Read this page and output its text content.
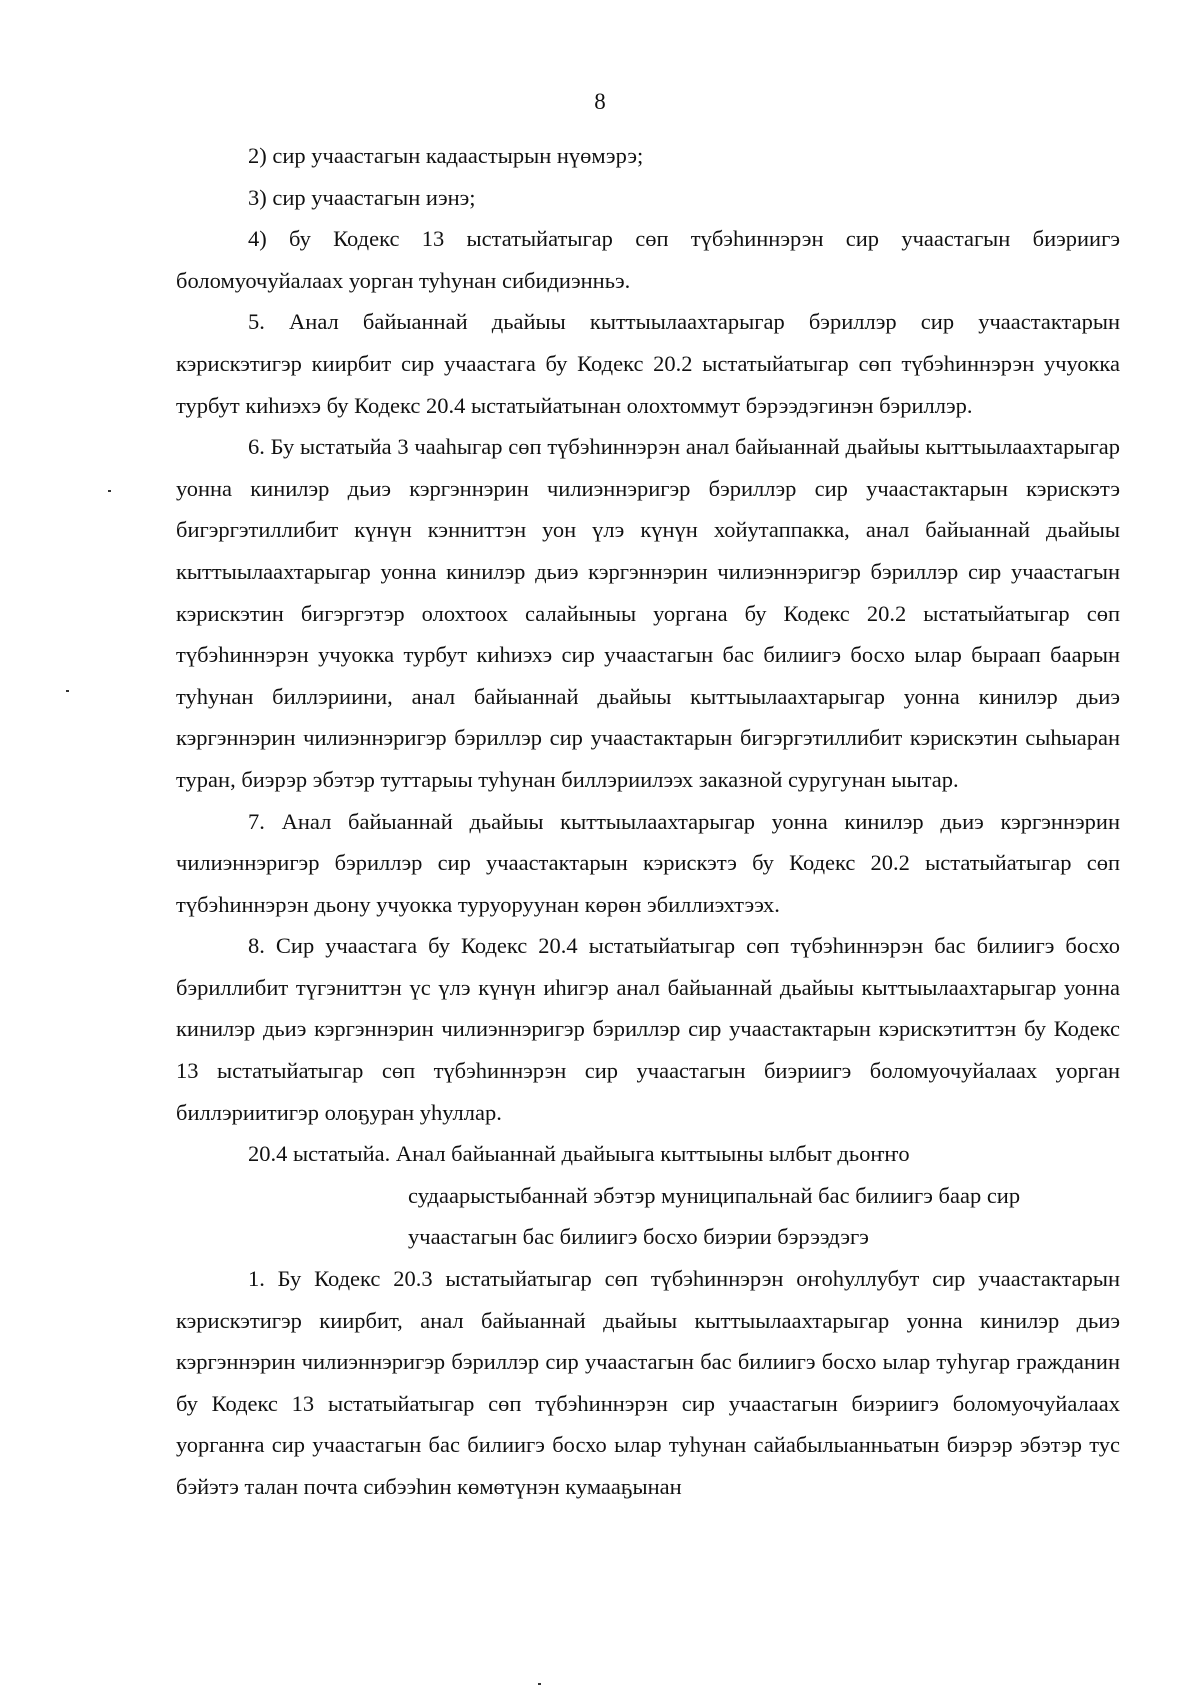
8

2) сир учаастагын кадаастырын нүөмэрэ;

3) сир учаастагын иэнэ;

4) бу Кодекс 13 ыстатыйатыгар сөп түбэһиннэрэн сир учаастагын биэриигэ боломуочуйалаах уорган туһунан сибидиэнньэ.

5. Анал байыаннай дьайыы кыттыылаахтарыгар бэриллэр сир учаастактарын кэрискэтигэр киирбит сир учаастага бу Кодекс 20.2 ыстатыйатыгар сөп түбэһиннэрэн учуокка турбут киһиэхэ бу Кодекс 20.4 ыстатыйатынан олохтоммут бэрээдэгинэн бэриллэр.

6. Бу ыстатыйа 3 чааһыгар сөп түбэһиннэрэн анал байыаннай дьайыы кыттыылаахтарыгар уонна кинилэр дьиэ кэргэннэрин чилиэннэригэр бэриллэр сир учаастактарын кэрискэтэ бигэргэтиллибит күнүн кэнниттэн уон үлэ күнүн хойутаппакка, анал байыаннай дьайыы кыттыылаахтарыгар уонна кинилэр дьиэ кэргэннэрин чилиэннэригэр бэриллэр сир учаастагын кэрискэтин бигэргэтэр олохтоох салайыныы уоргана бу Кодекс 20.2 ыстатыйатыгар сөп түбэһиннэрэн учуокка турбут киһиэхэ сир учаастагын бас билиигэ босхо ылар быраап баарын туһунан биллэриини, анал байыаннай дьайыы кыттыылаахтарыгар уонна кинилэр дьиэ кэргэннэрин чилиэннэригэр бэриллэр сир учаастактарын бигэргэтиллибит кэрискэтин сыһыаран туран, биэрэр эбэтэр туттарыы туһунан биллэриилээх заказной суругунан ыытар.

7. Анал байыаннай дьайыы кыттыылаахтарыгар уонна кинилэр дьиэ кэргэннэрин чилиэннэригэр бэриллэр сир учаастактарын кэрискэтэ бу Кодекс 20.2 ыстатыйатыгар сөп түбэһиннэрэн дьону учуокка туруоруунан көрөн эбиллиэхтээх.

8. Сир учаастага бу Кодекс 20.4 ыстатыйатыгар сөп түбэһиннэрэн бас билиигэ босхо бэриллибит түгэниттэн үс үлэ күнүн иһигэр анал байыаннай дьайыы кыттыылаахтарыгар уонна кинилэр дьиэ кэргэннэрин чилиэннэригэр бэриллэр сир учаастактарын кэрискэтиттэн бу Кодекс 13 ыстатыйатыгар сөп түбэһиннэрэн сир учаастагын биэриигэ боломуочуйалаах уорган биллэриитигэр олоҕуран уһуллар.

20.4 ыстатыйа. Анал байыаннай дьайыыга кыттыыны ылбыт дьоҥҥо
судаарыстыбаннай эбэтэр муниципальнай бас билиигэ баар сир
учаастагын бас билиигэ босхо биэрии бэрээдэгэ

1. Бу Кодекс 20.3 ыстатыйатыгар сөп түбэһиннэрэн оҥоһуллубут сир учаастактарын кэрискэтигэр киирбит, анал байыаннай дьайыы кыттыылаахтарыгар уонна кинилэр дьиэ кэргэннэрин чилиэннэригэр бэриллэр сир учаастагын бас билиигэ босхо ылар туһугар гражданин бу Кодекс 13 ыстатыйатыгар сөп түбэһиннэрэн сир учаастагын биэриигэ боломуочуйалаах уорганҥа сир учаастагын бас билиигэ босхо ылар туһунан сайабылыанньатын биэрэр эбэтэр тус бэйэтэ талан почта сибээһин көмөтүнэн кумааҕынан
